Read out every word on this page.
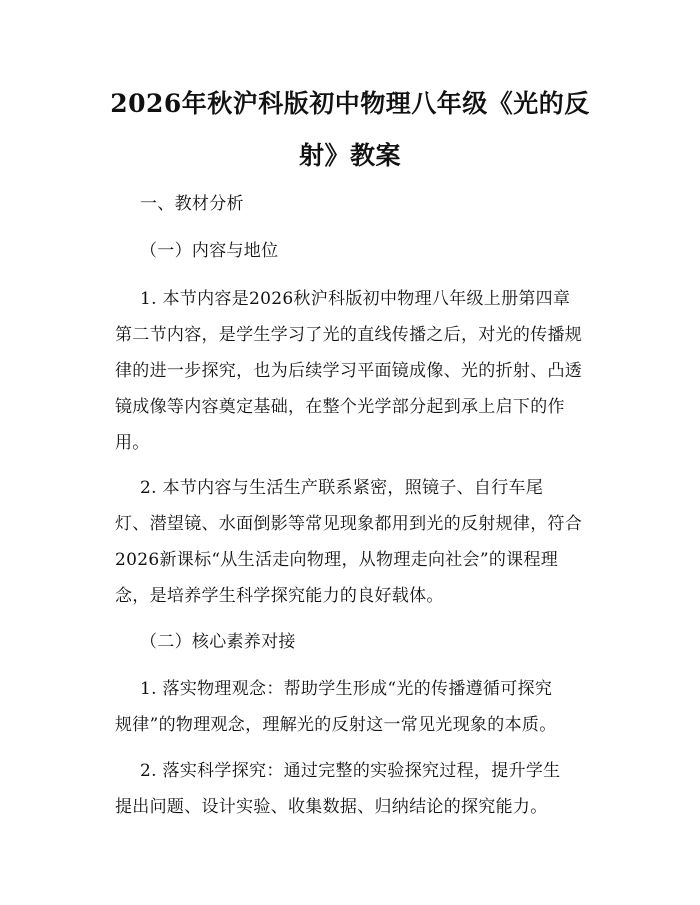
2026年秋沪科版初中物理八年级《光的反
射》教案
一、教材分析
（一）内容与地位
1. 本节内容是2026秋沪科版初中物理八年级上册第四章
第二节内容，是学生学习了光的直线传播之后，对光的传播规
律的进一步探究，也为后续学习平面镜成像、光的折射、凸透
镜成像等内容奠定基础，在整个光学部分起到承上启下的作
用。
2. 本节内容与生活生产联系紧密，照镜子、自行车尾
灯、潜望镜、水面倒影等常见现象都用到光的反射规律，符合
2026新课标“从生活走向物理，从物理走向社会”的课程理
念，是培养学生科学探究能力的良好载体。
（二）核心素养对接
1. 落实物理观念：帮助学生形成“光的传播遵循可探究
规律”的物理观念，理解光的反射这一常见光现象的本质。
2. 落实科学探究：通过完整的实验探究过程，提升学生
提出问题、设计实验、收集数据、归纳结论的探究能力。
